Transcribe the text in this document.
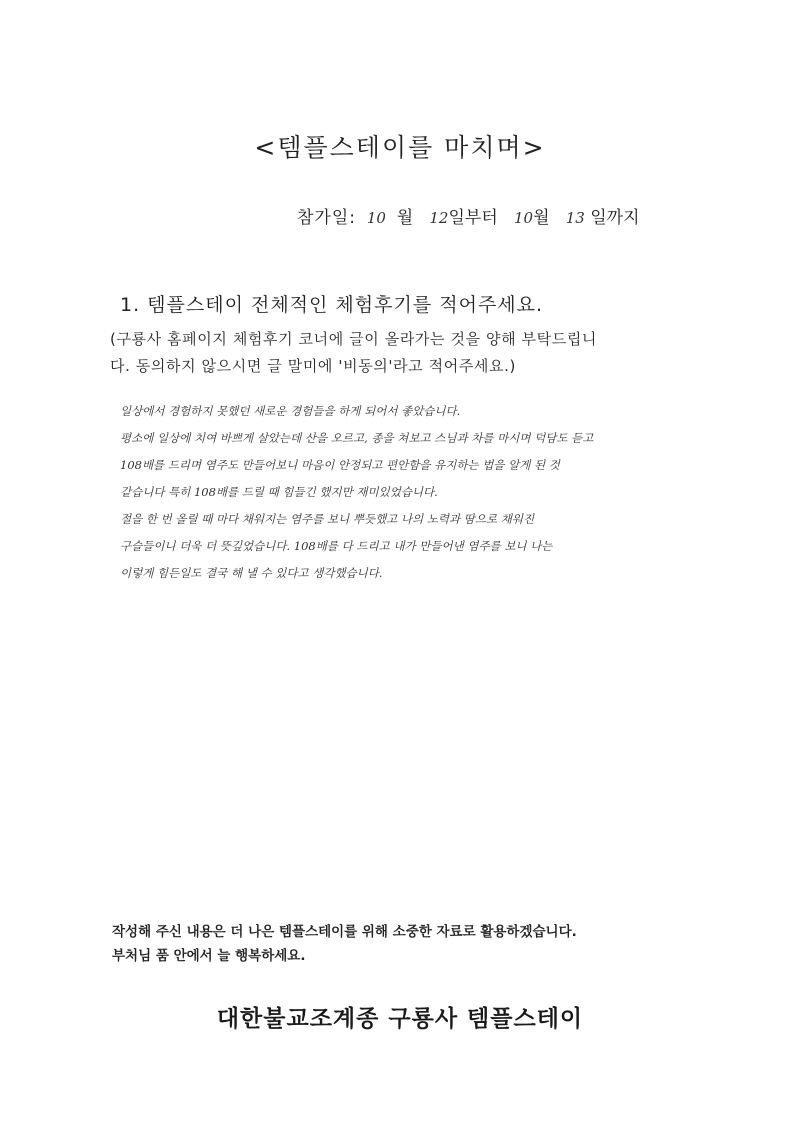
<템플스테이를 마치며>
참가일: 10 월 12일부터 10월 13 일까지
1. 템플스테이 전체적인 체험후기를 적어주세요.
(구룡사 홈페이지 체험후기 코너에 글이 올라가는 것을 양해 부탁드립니
다. 동의하지 않으시면 글 말미에 '비동의'라고 적어주세요.)
일상에서 경험하지 못했던 새로운 경험들을 하게 되어서 좋았습니다.
평소에 일상에 치여 바쁘게 살았는데 산을 오르고, 종을 쳐보고 스님과 차를 마시며 덕담도 듣고
108배를 드리며 염주도 만들어보니 마음이 안정되고 편안함을 유지하는 법을 알게 된 것
같습니다 특히 108배를 드릴 때 힘들긴 했지만 재미있었습니다.
절을 한 번 올릴 때 마다 채워지는 염주를 보니 뿌듯했고 나의 노력과 땀으로 채워진
구슬들이니 더욱 더 뜻깊었습니다. 108배를 다 드리고 내가 만들어낸 염주를 보니 나는
이렇게 힘든일도 결국 해 낼 수 있다고 생각했습니다.
작성해 주신 내용은 더 나은 템플스테이를 위해 소중한 자료로 활용하겠습니다.
부처님 품 안에서 늘 행복하세요.
대한불교조계종 구룡사 템플스테이
